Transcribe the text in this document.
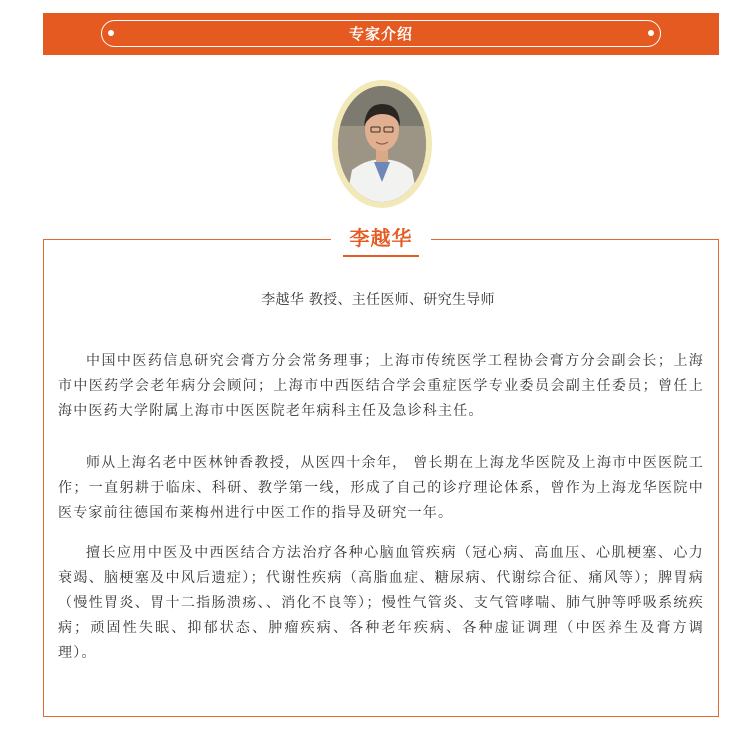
专家介绍
李越华
李越华 教授、主任医师、研究生导师

中国中医药信息研究会膏方分会常务理事；上海市传统医学工程协会膏方分会副会长；上海市中医药学会老年病分会顾问；上海市中西医结合学会重症医学专业委员会副主任委员；曾任上海中医药大学附属上海市中医医院老年病科主任及急诊科主任。

师从上海名老中医林钟香教授，从医四十余年， 曾长期在上海龙华医院及上海市中医医院工作；一直躬耕于临床、科研、教学第一线，形成了自己的诊疗理论体系，曾作为上海龙华医院中医专家前往德国布莱梅州进行中医工作的指导及研究一年。

擅长应用中医及中西医结合方法治疗各种心脑血管疾病（冠心病、高血压、心肌梗塞、心力衰竭、脑梗塞及中风后遗症）；代谢性疾病（高脂血症、糖尿病、代谢综合征、痛风等）；脾胃病（慢性胃炎、胃十二指肠溃疡、、消化不良等）；慢性气管炎、支气管哮喘、肺气肿等呼吸系统疾病；顽固性失眠、抑郁状态、肿瘤疾病、各种老年疾病、各种虚证调理（中医养生及膏方调理）。
